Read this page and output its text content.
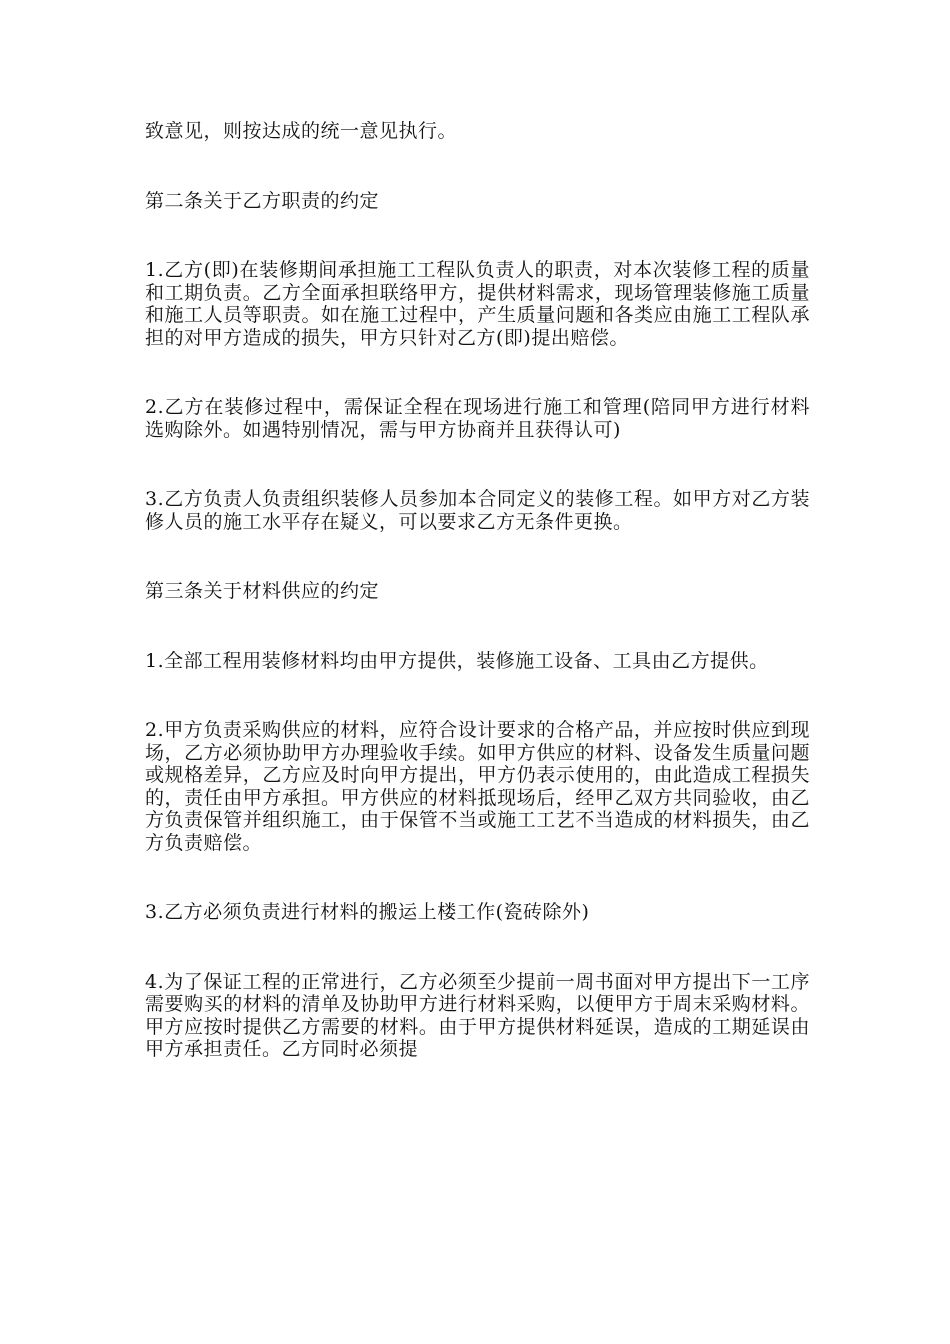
致意见，则按达成的统一意见执行。

第二条关于乙方职责的约定

1.乙方(即)在装修期间承担施工工程队负责人的职责，对本次装修工程的质量和工期负责。乙方全面承担联络甲方，提供材料需求，现场管理装修施工质量和施工人员等职责。如在施工过程中，产生质量问题和各类应由施工工程队承担的对甲方造成的损失，甲方只针对乙方(即)提出赔偿。

2.乙方在装修过程中，需保证全程在现场进行施工和管理(陪同甲方进行材料选购除外。如遇特别情况，需与甲方协商并且获得认可)

3.乙方负责人负责组织装修人员参加本合同定义的装修工程。如甲方对乙方装修人员的施工水平存在疑义，可以要求乙方无条件更换。

第三条关于材料供应的约定

1.全部工程用装修材料均由甲方提供，装修施工设备、工具由乙方提供。

2.甲方负责采购供应的材料，应符合设计要求的合格产品，并应按时供应到现场，乙方必须协助甲方办理验收手续。如甲方供应的材料、设备发生质量问题或规格差异，乙方应及时向甲方提出，甲方仍表示使用的，由此造成工程损失的，责任由甲方承担。甲方供应的材料抵现场后，经甲乙双方共同验收，由乙方负责保管并组织施工，由于保管不当或施工工艺不当造成的材料损失，由乙方负责赔偿。

3.乙方必须负责进行材料的搬运上楼工作(瓷砖除外)

4.为了保证工程的正常进行，乙方必须至少提前一周书面对甲方提出下一工序需要购买的材料的清单及协助甲方进行材料采购，以便甲方于周末采购材料。甲方应按时提供乙方需要的材料。由于甲方提供材料延误，造成的工期延误由甲方承担责任。乙方同时必须提
